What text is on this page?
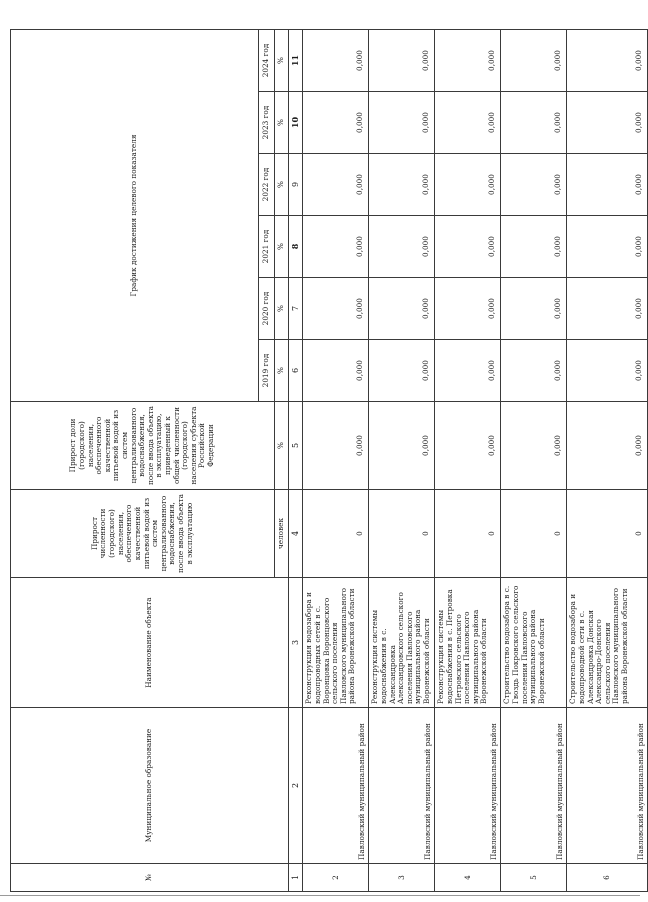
№	Муниципальное образование	Наименование объекта	Прирост численности (городского) населения, обеспеченного качественной питьевой водой из систем централизованного водоснабжения, после ввода объекта в эксплуатацию	Прирост доли (городского) населения, обеспеченного качественной питьевой водой из систем централизованного водоснабжения, после ввода объекта в эксплуатацию, приведенный к общей численности (городского) населения субъекта Российской Федерации	График достижения целевого показателя					
					2019 год	2020 год	2021 год	2022 год	2023 год	2024 год
			человек	%	%	%	%	%	%	%
1	2	3	4	5	6	7	8	9	10	11
2	Павловский муниципальный район	Реконструкция водозабора и водопроводных сетей в с. Воронцовка Воронцовского сельского поселения Павловского муниципального района Воронежской области	0	0,000	0,000	0,000	0,000	0,000	0,000	0,000
3	Павловский муниципальный район	Реконструкция системы водоснабжения в с. Александровка Александровского сельского поселения Павловского муниципального района Воронежской области	0	0,000	0,000	0,000	0,000	0,000	0,000	0,000
4	Павловский муниципальный район	Реконструкция системы водоснабжения в с. Петровка Петровского сельского поселения Павловского муниципального района Воронежской области	0	0,000	0,000	0,000	0,000	0,000	0,000	0,000
5	Павловский муниципальный район	Строительство водозабора в с. Гвоздь Покровского сельского поселения Павловского муниципального района Воронежской области	0	0,000	0,000	0,000	0,000	0,000	0,000	0,000
6	Павловский муниципальный район	Строительство водозабора и водопроводной сети в с. Александровка Донская Александро-Донского сельского поселения Павловского муниципального района Воронежской области	0	0,000	0,000	0,000	0,000	0,000	0,000	0,000
